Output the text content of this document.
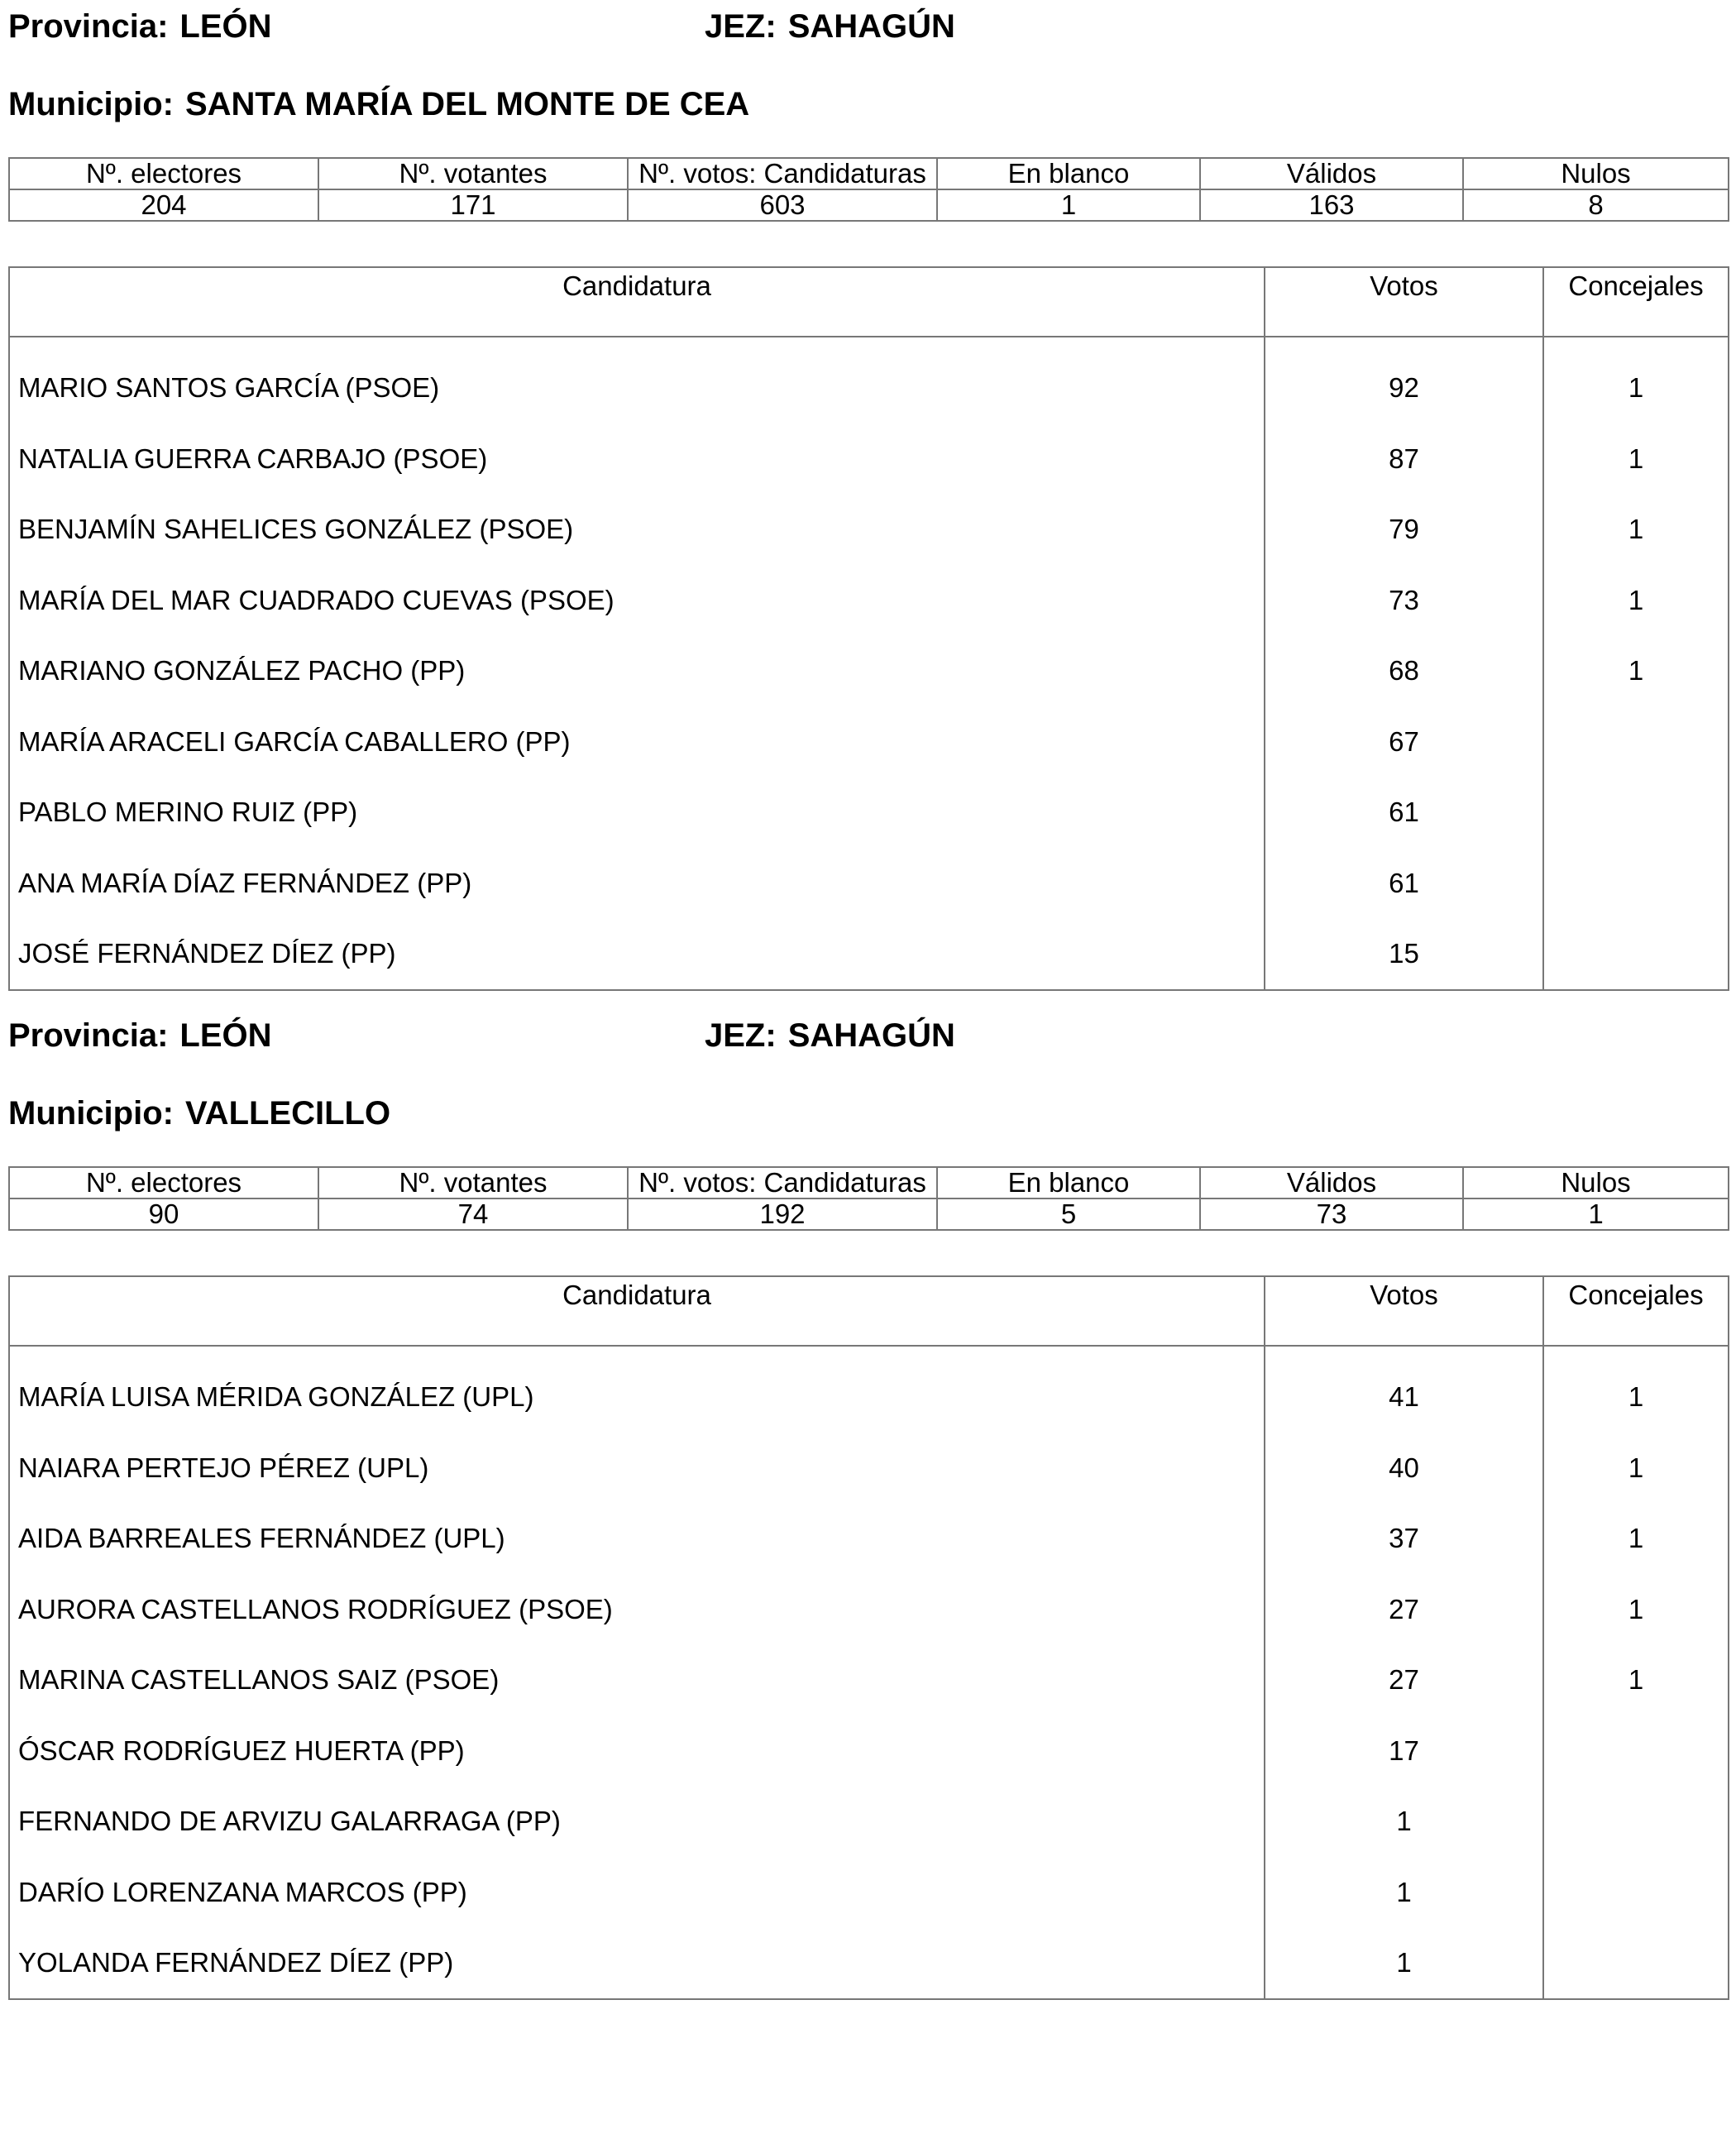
Provincia: LEÓN	JEZ: SAHAGÚN
Municipio: SANTA MARÍA DEL MONTE DE CEA
Nº. electores	Nº. votantes	Nº. votos: Candidaturas	En blanco	Válidos	Nulos
204	171	603	1	163	8
Candidatura	Votos	Concejales

MARIO SANTOS GARCÍA (PSOE)	92	1
NATALIA GUERRA CARBAJO (PSOE)	87	1
BENJAMÍN SAHELICES GONZÁLEZ (PSOE)	79	1
MARÍA DEL MAR CUADRADO CUEVAS (PSOE)	73	1
MARIANO GONZÁLEZ PACHO (PP)	68	1
MARÍA ARACELI GARCÍA CABALLERO (PP)	67	
PABLO MERINO RUIZ (PP)	61	
ANA MARÍA DÍAZ FERNÁNDEZ (PP)	61	
JOSÉ FERNÁNDEZ DÍEZ (PP)	15	
Provincia: LEÓN	JEZ: SAHAGÚN
Municipio: VALLECILLO
Nº. electores	Nº. votantes	Nº. votos: Candidaturas	En blanco	Válidos	Nulos
90	74	192	5	73	1
Candidatura	Votos	Concejales

MARÍA LUISA MÉRIDA GONZÁLEZ (UPL)	41	1
NAIARA PERTEJO PÉREZ (UPL)	40	1
AIDA BARREALES FERNÁNDEZ (UPL)	37	1
AURORA CASTELLANOS RODRÍGUEZ (PSOE)	27	1
MARINA CASTELLANOS SAIZ (PSOE)	27	1
ÓSCAR RODRÍGUEZ HUERTA (PP)	17	
FERNANDO DE ARVIZU GALARRAGA (PP)	1	
DARÍO LORENZANA MARCOS (PP)	1	
YOLANDA FERNÁNDEZ DÍEZ (PP)	1	
